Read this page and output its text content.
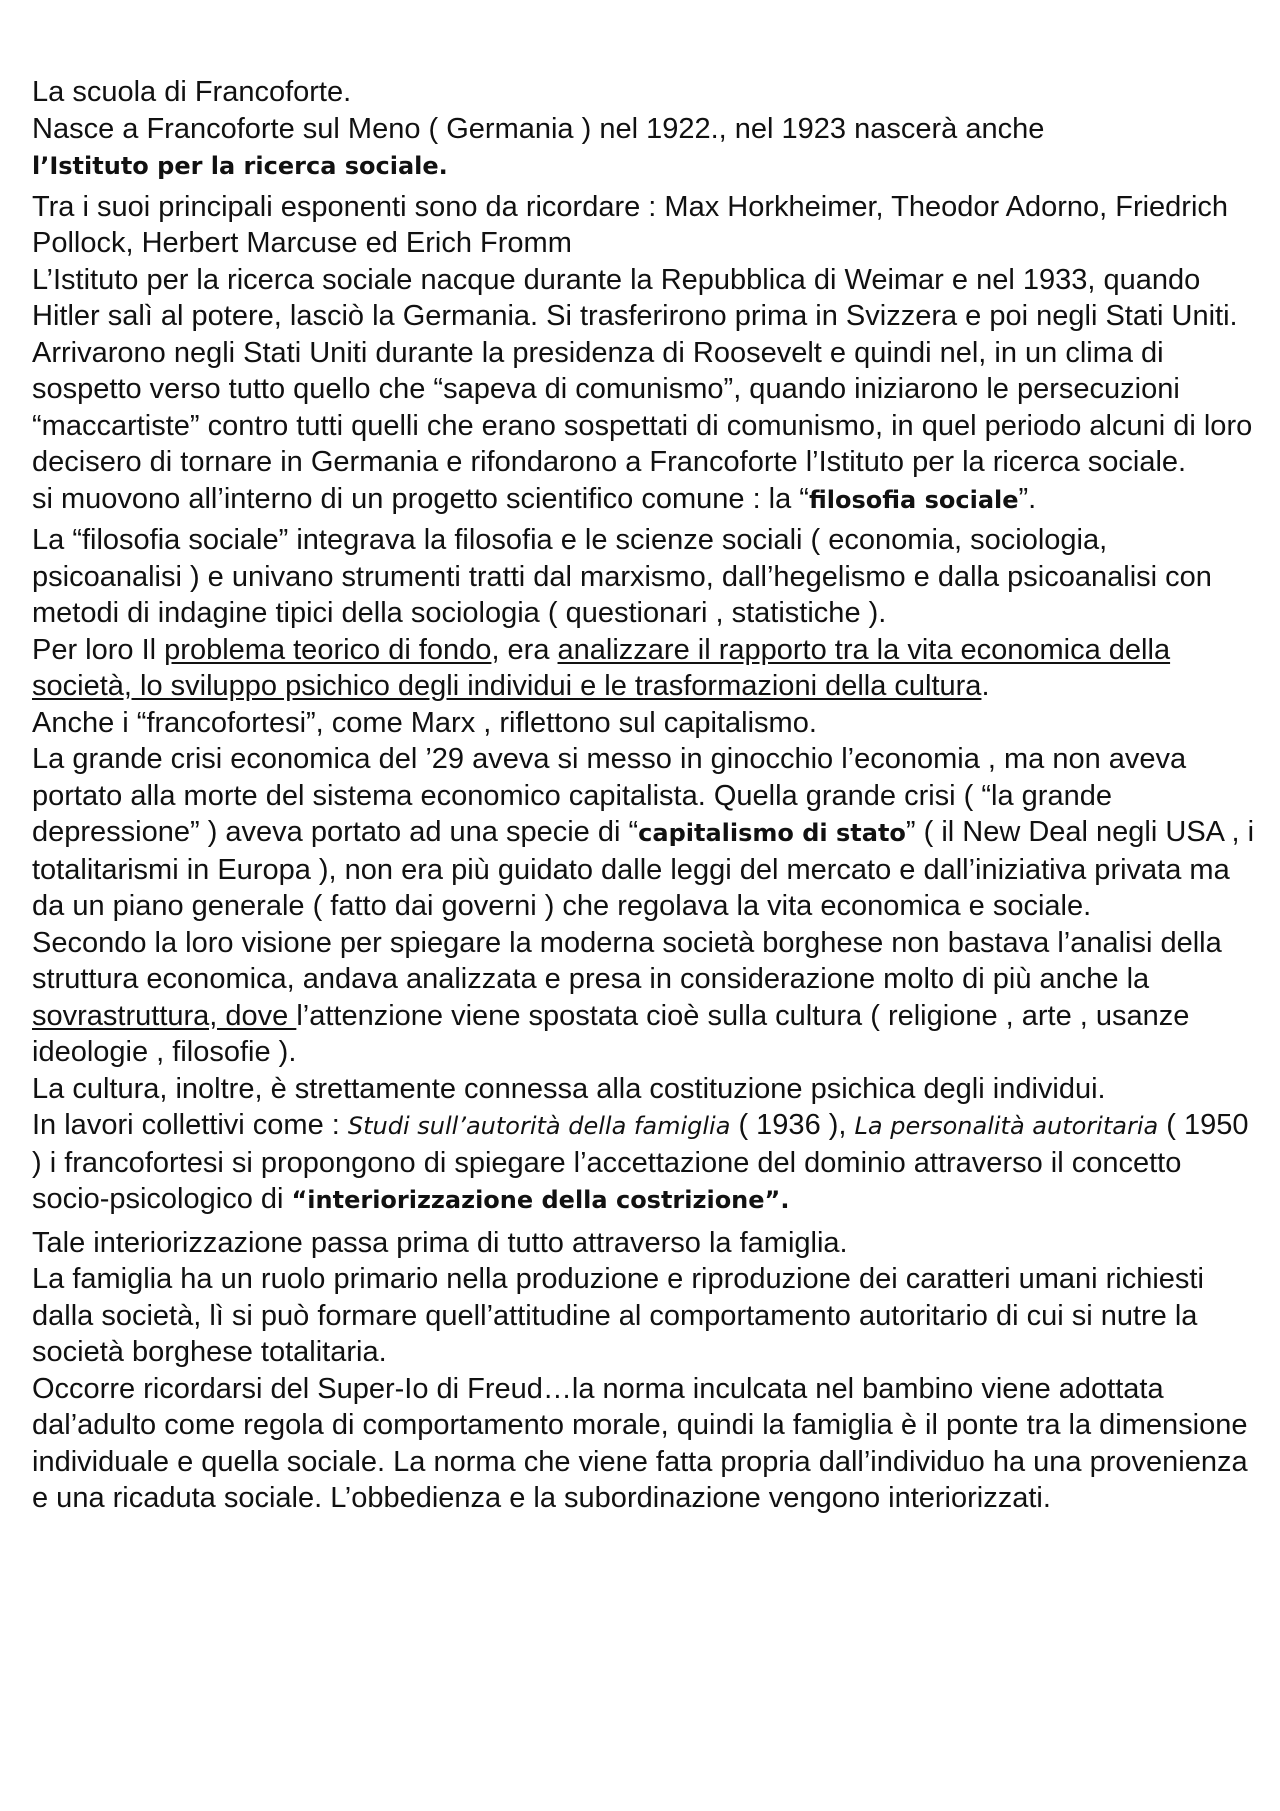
La scuola di Francoforte.

Nasce a Francoforte sul Meno ( Germania ) nel 1922., nel 1923 nascerà anche
l’Istituto per la ricerca sociale.

Tra i suoi principali esponenti sono da ricordare : Max Horkheimer, Theodor Adorno, Friedrich Pollock, Herbert Marcuse ed Erich Fromm

L’Istituto per la ricerca sociale nacque durante la Repubblica di Weimar e nel 1933, quando Hitler salì al potere, lasciò la Germania. Si trasferirono prima in Svizzera e poi negli Stati Uniti.

Arrivarono negli Stati Uniti durante la presidenza di Roosevelt e quindi nel, in un clima di sospetto verso tutto quello che “sapeva di comunismo”, quando iniziarono le persecuzioni “maccartiste” contro tutti quelli che erano sospettati di comunismo, in quel periodo alcuni di loro decisero di tornare in Germania e rifondarono a Francoforte l’Istituto per la ricerca sociale.

si muovono all’interno di un progetto scientifico comune : la “filosofia sociale”.

La “filosofia sociale” integrava la filosofia e le scienze sociali ( economia, sociologia, psicoanalisi ) e univano strumenti tratti dal marxismo, dall’hegelismo e dalla psicoanalisi con metodi di indagine tipici della sociologia ( questionari , statistiche ).

Per loro Il problema teorico di fondo, era analizzare il rapporto tra la vita economica della società, lo sviluppo psichico degli individui e le trasformazioni della cultura.

Anche i “francofortesi”, come Marx , riflettono sul capitalismo.

La grande crisi economica del ’29 aveva si messo in ginocchio l’economia , ma non aveva portato alla morte del sistema economico capitalista. Quella grande crisi ( “la grande depressione” ) aveva portato ad una specie di “capitalismo di stato” ( il New Deal negli USA , i totalitarismi in Europa ), non era più guidato dalle leggi del mercato e dall’iniziativa privata ma da un piano generale ( fatto dai governi ) che regolava la vita economica e sociale.

Secondo la loro visione per spiegare la moderna società borghese non bastava l’analisi della struttura economica, andava analizzata e presa in considerazione molto di più anche la sovrastruttura, dove l’attenzione viene spostata cioè sulla cultura ( religione , arte , usanze ideologie , filosofie ).

La cultura, inoltre, è strettamente connessa alla costituzione psichica degli individui.

In lavori collettivi come : Studi sull’autorità della famiglia ( 1936 ), La personalità autoritaria ( 1950 ) i francofortesi si propongono di spiegare l’accettazione del dominio attraverso il concetto socio-psicologico di “interiorizzazione della costrizione”.

Tale interiorizzazione passa prima di tutto attraverso la famiglia.

La famiglia ha un ruolo primario nella produzione e riproduzione dei caratteri umani richiesti dalla società, lì si può formare quell’attitudine al comportamento autoritario di cui si nutre la società borghese totalitaria.

Occorre ricordarsi del Super-Io di Freud…la norma inculcata nel bambino viene adottata dal’adulto come regola di comportamento morale, quindi la famiglia è il ponte tra la dimensione individuale e quella sociale. La norma che viene fatta propria dall’individuo ha una provenienza e una ricaduta sociale. L’obbedienza e la subordinazione vengono interiorizzati.
